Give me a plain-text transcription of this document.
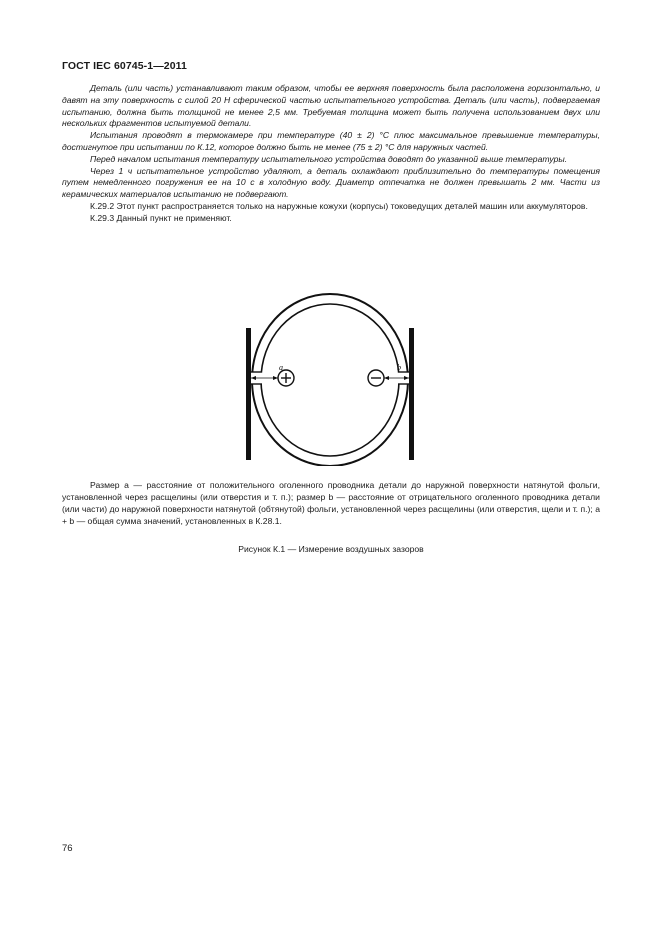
ГОСТ IEC 60745-1—2011

Деталь (или часть) устанавливают таким образом, чтобы ее верхняя поверхность была расположена горизонтально, и давят на эту поверхность с силой 20 Н сферической частью испытательного устройства. Деталь (или часть), подвергаемая испытанию, должна быть толщиной не менее 2,5 мм. Требуемая толщина может быть получена использованием двух или нескольких фрагментов испытуемой детали.

Испытания проводят в термокамере при температуре (40 ± 2) °С плюс максимальное превышение температуры, достигнутое при испытании по К.12, которое должно быть не менее (75 ± 2) °С для наружных частей.

Перед началом испытания температуру испытательного устройства доводят до указанной выше температуры.

Через 1 ч испытательное устройство удаляют, а деталь охлаждают приблизительно до температуры помещения путем немедленного погружения ее на 10 с в холодную воду. Диаметр отпечатка не должен превышать 2 мм. Части из керамических материалов испытанию не подвергают.

К.29.2 Этот пункт распространяется только на наружные кожухи (корпусы) токоведущих деталей машин или аккумуляторов.

К.29.3 Данный пункт не применяют.

a	b

Размер a — расстояние от положительного оголенного проводника детали до наружной поверхности натянутой фольги, установленной через расщелины (или отверстия и т. п.); размер b — расстояние от отрицательного оголенного проводника детали (или части) до наружной поверхности натянутой (обтянутой) фольги, установленной через расщелины (или отверстия, щели и т. п.); a + b — общая сумма значений, установленных в К.28.1.

Рисунок К.1 — Измерение воздушных зазоров
76
